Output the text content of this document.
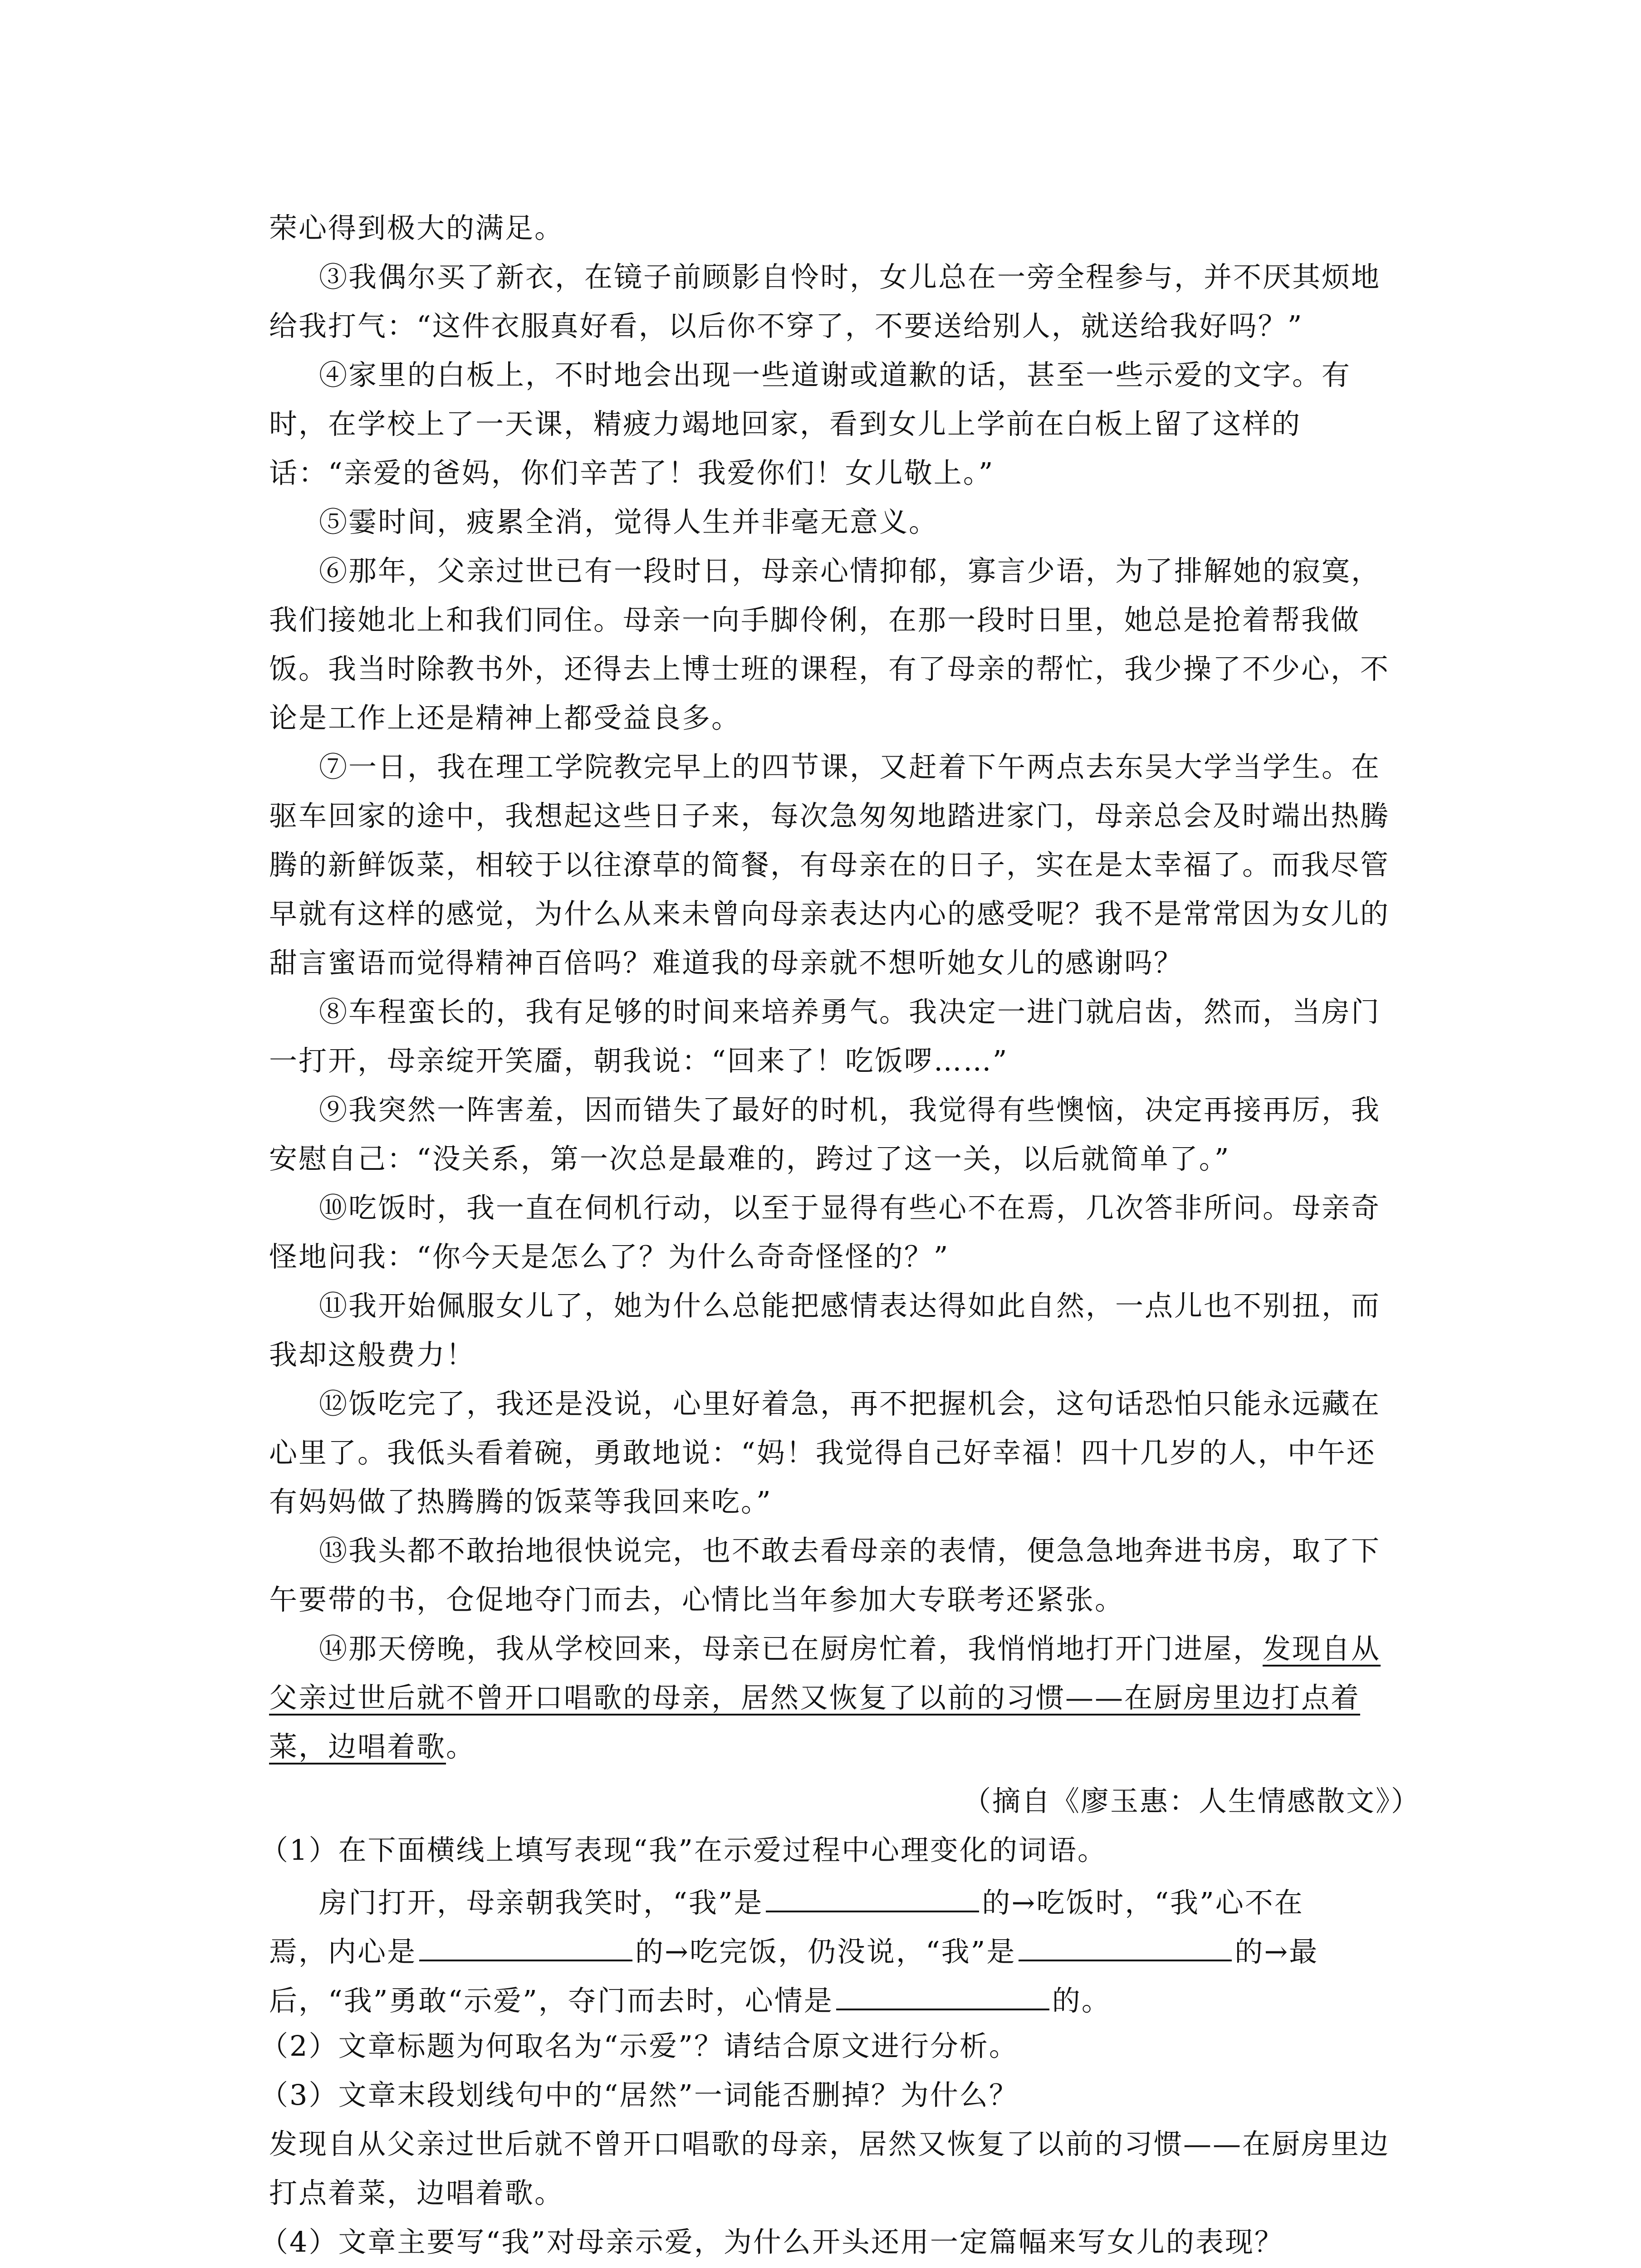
荣心得到极大的满足。
③我偶尔买了新衣，在镜子前顾影自怜时，女儿总在一旁全程参与，并不厌其烦地
给我打气：“这件衣服真好看，以后你不穿了，不要送给别人，就送给我好吗？”
④家里的白板上，不时地会出现一些道谢或道歉的话，甚至一些示爱的文字。有
时，在学校上了一天课，精疲力竭地回家，看到女儿上学前在白板上留了这样的
话：“亲爱的爸妈，你们辛苦了！我爱你们！女儿敬上。”
⑤霎时间，疲累全消，觉得人生并非毫无意义。
⑥那年，父亲过世已有一段时日，母亲心情抑郁，寡言少语，为了排解她的寂寞，
我们接她北上和我们同住。母亲一向手脚伶俐，在那一段时日里，她总是抢着帮我做
饭。我当时除教书外，还得去上博士班的课程，有了母亲的帮忙，我少操了不少心，不
论是工作上还是精神上都受益良多。
⑦一日，我在理工学院教完早上的四节课，又赶着下午两点去东吴大学当学生。在
驱车回家的途中，我想起这些日子来，每次急匆匆地踏进家门，母亲总会及时端出热腾
腾的新鲜饭菜，相较于以往潦草的简餐，有母亲在的日子，实在是太幸福了。而我尽管
早就有这样的感觉，为什么从来未曾向母亲表达内心的感受呢？我不是常常因为女儿的
甜言蜜语而觉得精神百倍吗？难道我的母亲就不想听她女儿的感谢吗？
⑧车程蛮长的，我有足够的时间来培养勇气。我决定一进门就启齿，然而，当房门
一打开，母亲绽开笑靥，朝我说：“回来了！吃饭啰……”
⑨我突然一阵害羞，因而错失了最好的时机，我觉得有些懊恼，决定再接再厉，我
安慰自己：“没关系，第一次总是最难的，跨过了这一关，以后就简单了。”
⑩吃饭时，我一直在伺机行动，以至于显得有些心不在焉，几次答非所问。母亲奇
怪地问我：“你今天是怎么了？为什么奇奇怪怪的？”
⑪我开始佩服女儿了，她为什么总能把感情表达得如此自然，一点儿也不别扭，而
我却这般费力！
⑫饭吃完了，我还是没说，心里好着急，再不把握机会，这句话恐怕只能永远藏在
心里了。我低头看着碗，勇敢地说：“妈！我觉得自己好幸福！四十几岁的人，中午还
有妈妈做了热腾腾的饭菜等我回来吃。”
⑬我头都不敢抬地很快说完，也不敢去看母亲的表情，便急急地奔进书房，取了下
午要带的书，仓促地夺门而去，心情比当年参加大专联考还紧张。
⑭那天傍晚，我从学校回来，母亲已在厨房忙着，我悄悄地打开门进屋，发现自从
父亲过世后就不曾开口唱歌的母亲，居然又恢复了以前的习惯——在厨房里边打点着
菜，边唱着歌。
（摘自《廖玉惠：人生情感散文》）
（1）在下面横线上填写表现“我”在示爱过程中心理变化的词语。
房门打开，母亲朝我笑时，“我”是	的→吃饭时，“我”心不在
焉，内心是	的→吃完饭，仍没说，“我”是	的→最
后，“我”勇敢“示爱”，夺门而去时，心情是	的。
（2）文章标题为何取名为“示爱”？请结合原文进行分析。
（3）文章末段划线句中的“居然”一词能否删掉？为什么？
发现自从父亲过世后就不曾开口唱歌的母亲，居然又恢复了以前的习惯——在厨房里边
打点着菜，边唱着歌。
（4）文章主要写“我”对母亲示爱，为什么开头还用一定篇幅来写女儿的表现？
